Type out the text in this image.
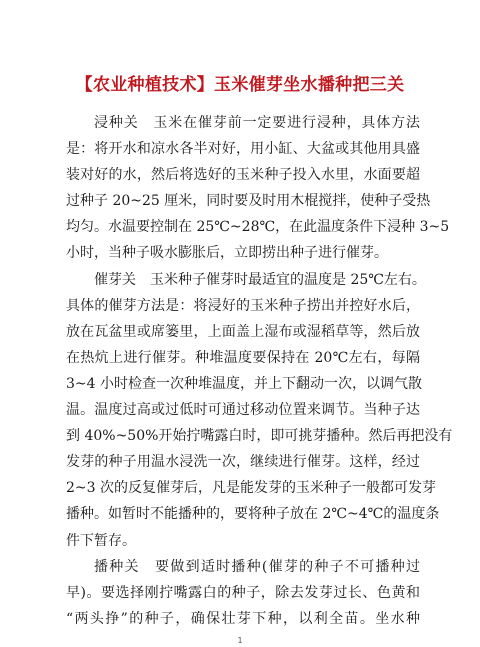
【农业种植技术】玉米催芽坐水播种把三关
浸种关　玉米在催芽前一定要进行浸种，具体方法
是：将开水和凉水各半对好，用小缸、大盆或其他用具盛
装对好的水，然后将选好的玉米种子投入水里，水面要超
过种子 20~25 厘米，同时要及时用木棍搅拌，使种子受热
均匀。水温要控制在 25℃~28℃，在此温度条件下浸种 3~5
小时，当种子吸水膨胀后，立即捞出种子进行催芽。
催芽关　玉米种子催芽时最适宜的温度是 25℃左右。
具体的催芽方法是：将浸好的玉米种子捞出并控好水后，
放在瓦盆里或席篓里，上面盖上湿布或湿稻草等，然后放
在热炕上进行催芽。种堆温度要保持在 20℃左右，每隔
3~4 小时检查一次种堆温度，并上下翻动一次，以调气散
温。温度过高或过低时可通过移动位置来调节。当种子达
到 40%~50%开始拧嘴露白时，即可挑芽播种。然后再把没有
发芽的种子用温水浸洗一次，继续进行催芽。这样，经过
2~3 次的反复催芽后，凡是能发芽的玉米种子一般都可发芽
播种。如暂时不能播种的，要将种子放在 2℃~4℃的温度条
件下暂存。
播种关　要做到适时播种(催芽的种子不可播种过
早)。要选择刚拧嘴露白的种子，除去发芽过长、色黄和
“两头挣”的种子，确保壮芽下种，以利全苗。坐水种
1
